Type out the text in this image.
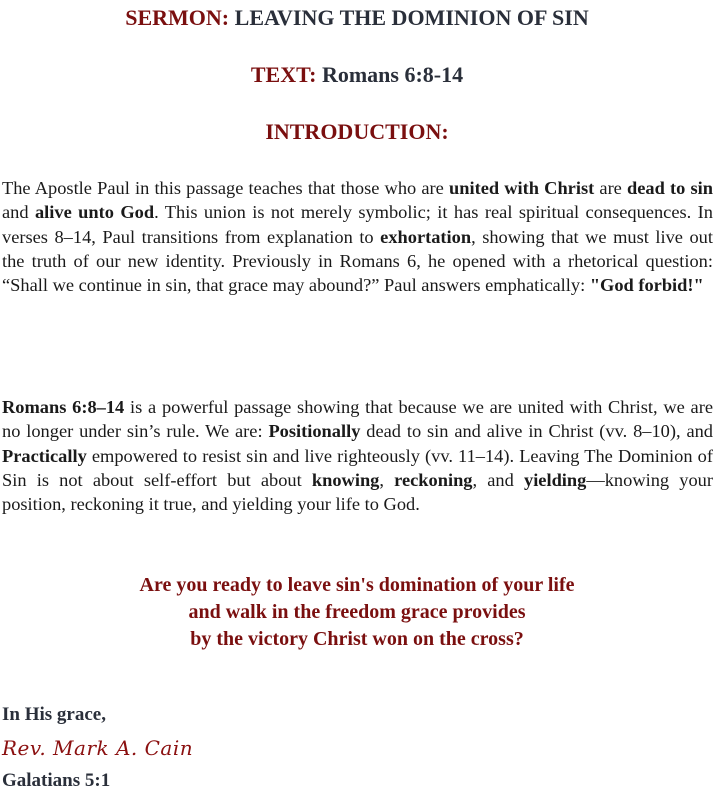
SERMON: LEAVING THE DOMINION OF SIN
TEXT: Romans 6:8-14
INTRODUCTION:

The Apostle Paul in this passage teaches that those who are united with Christ are dead to sin and alive unto God. This union is not merely symbolic; it has real spiritual consequences. In verses 8–14, Paul transitions from explanation to exhortation, showing that we must live out the truth of our new identity. Previously in Romans 6, he opened with a rhetorical question: “Shall we continue in sin, that grace may abound?” Paul answers emphatically: "God forbid!"

Romans 6:8–14 is a powerful passage showing that because we are united with Christ, we are no longer under sin’s rule. We are: Positionally dead to sin and alive in Christ (vv. 8–10), and Practically empowered to resist sin and live righteously (vv. 11–14). Leaving The Dominion of Sin is not about self-effort but about knowing, reckoning, and yielding—knowing your position, reckoning it true, and yielding your life to God.

Are you ready to leave sin's domination of your life
and walk in the freedom grace provides
by the victory Christ won on the cross?

In His grace,

Rev. Mark A. Cain

Galatians 5:1
